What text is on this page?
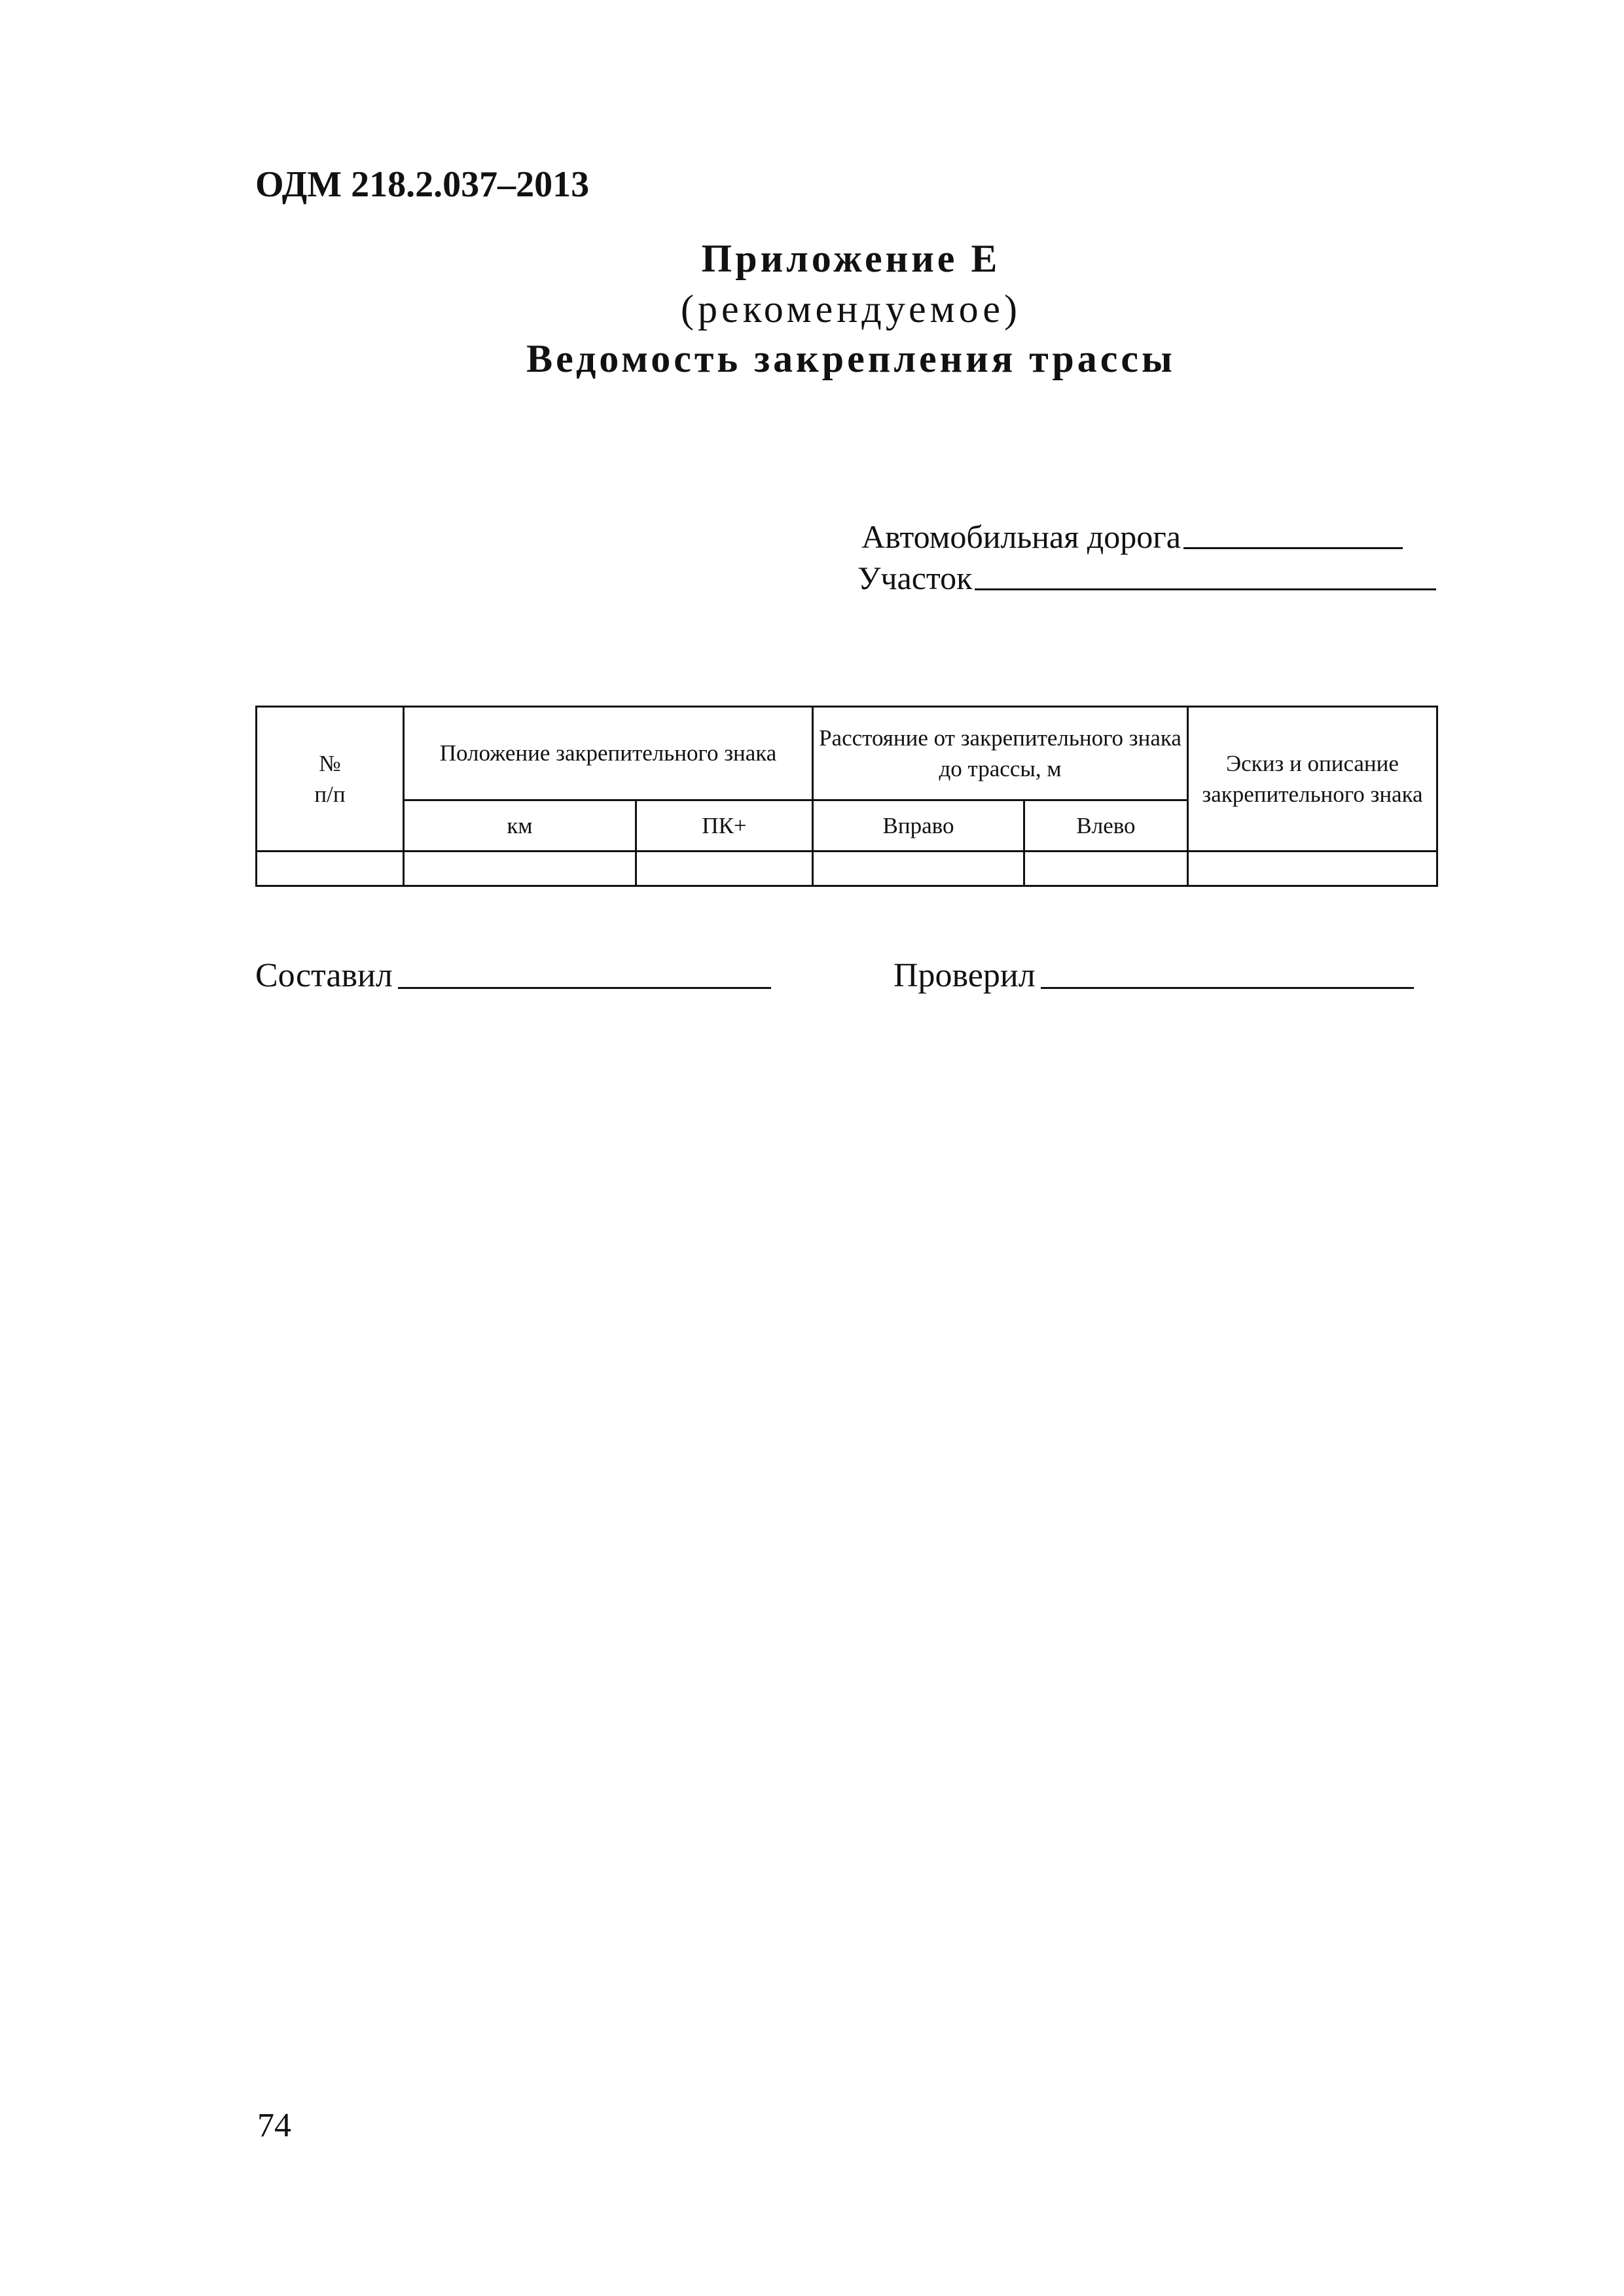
ОДМ 218.2.037–2013
Приложение Е
(рекомендуемое)
Ведомость закрепления трассы
Автомобильная дорога
Участок
№
п/п	Положение закрепительного знака		Расстояние от закрепительного знака до трассы, м		Эскиз и описание закрепительного знака
	км	ПК+	Вправо	Влево	

Составил	Проверил
74
